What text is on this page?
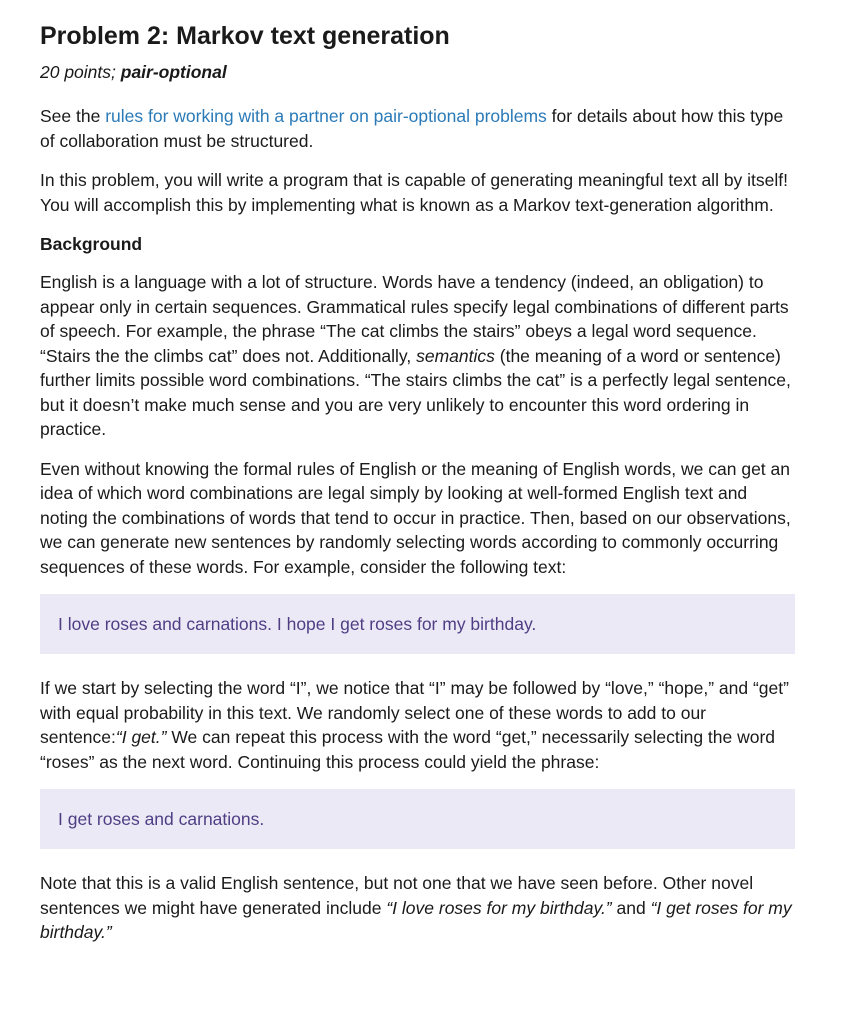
Problem 2: Markov text generation
20 points; pair-optional

See the rules for working with a partner on pair-optional problems for details about how this type of collaboration must be structured.

In this problem, you will write a program that is capable of generating meaningful text all by itself! You will accomplish this by implementing what is known as a Markov text-generation algorithm.

Background

English is a language with a lot of structure. Words have a tendency (indeed, an obligation) to appear only in certain sequences. Grammatical rules specify legal combinations of different parts of speech. For example, the phrase “The cat climbs the stairs” obeys a legal word sequence. “Stairs the the climbs cat” does not. Additionally, semantics (the meaning of a word or sentence) further limits possible word combinations. “The stairs climbs the cat” is a perfectly legal sentence, but it doesn’t make much sense and you are very unlikely to encounter this word ordering in practice.

Even without knowing the formal rules of English or the meaning of English words, we can get an idea of which word combinations are legal simply by looking at well-formed English text and noting the combinations of words that tend to occur in practice. Then, based on our observations, we can generate new sentences by randomly selecting words according to commonly occurring sequences of these words. For example, consider the following text:

I love roses and carnations. I hope I get roses for my birthday.

If we start by selecting the word “I”, we notice that “I” may be followed by “love,” “hope,” and “get” with equal probability in this text. We randomly select one of these words to add to our sentence:“I get.” We can repeat this process with the word “get,” necessarily selecting the word “roses” as the next word. Continuing this process could yield the phrase:

I get roses and carnations.

Note that this is a valid English sentence, but not one that we have seen before. Other novel sentences we might have generated include “I love roses for my birthday.” and “I get roses for my birthday.”
